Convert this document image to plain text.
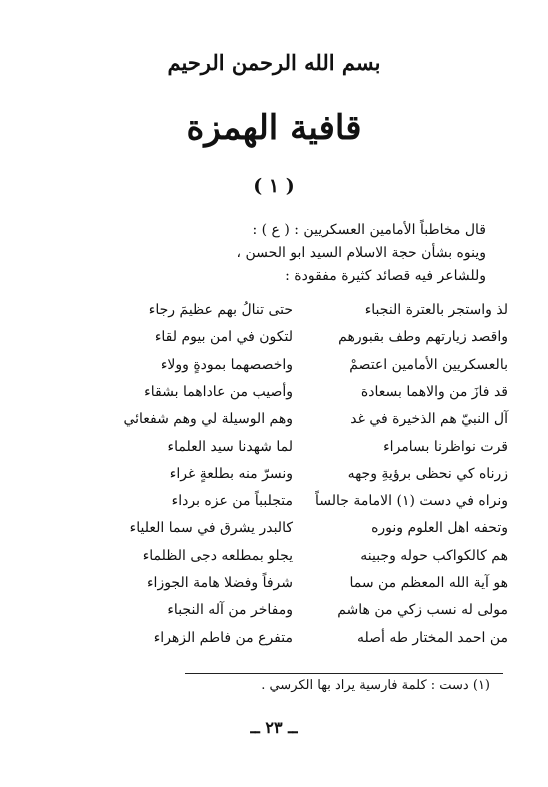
بسم الله الرحمن الرحيم
قافية الهمزة
( ١ )
قال مخاطباً الأمامين العسكريين : ( ع ) :
وينوه بشأن حجة الاسلام السيد ابو الحسن ،
وللشاعر فيه قصائد كثيرة مفقودة :
لذ واستجر بالعترة النجباء
حتى تنالُ بهم عظيمَ رجاء
واقصد زيارتهم وطف بقبورهم
لتكون في امن بيوم لقاء
بالعسكريين الأمامين اعتصمْ
واخصصهما بمودةٍ وولاء
قد فازَ من والاهما بسعادة
وأصيب من عاداهما بشقاء
آل النبيّ هم الذخيرة في غد
وهم الوسيلة لي وهم شفعائي
قرت نواظرنا بسامراء
لما شهدنا سيد العلماء
زرناه كي نحظى برؤيةِ وجهه
ونسرّ منه بطلعةٍ غراء
ونراه في دست (١) الامامة جالساً
متجلبباً من عزه برداء
وتحفه اهل العلوم ونوره
كالبدر يشرق في سما العلياء
هم كالكواكب حوله وجبينه
يجلو بمطلعه دجى الظلماء
هو آية الله المعظم من سما
شرفاً وفضلا هامة الجوزاء
مولى له نسب زكي من هاشم
ومفاخر من آله النجباء
من احمد المختار طه أصله
متفرع من فاطم الزهراء
(١) دست : كلمة فارسية يراد بها الكرسي .
ــ ٢٣ ــ
